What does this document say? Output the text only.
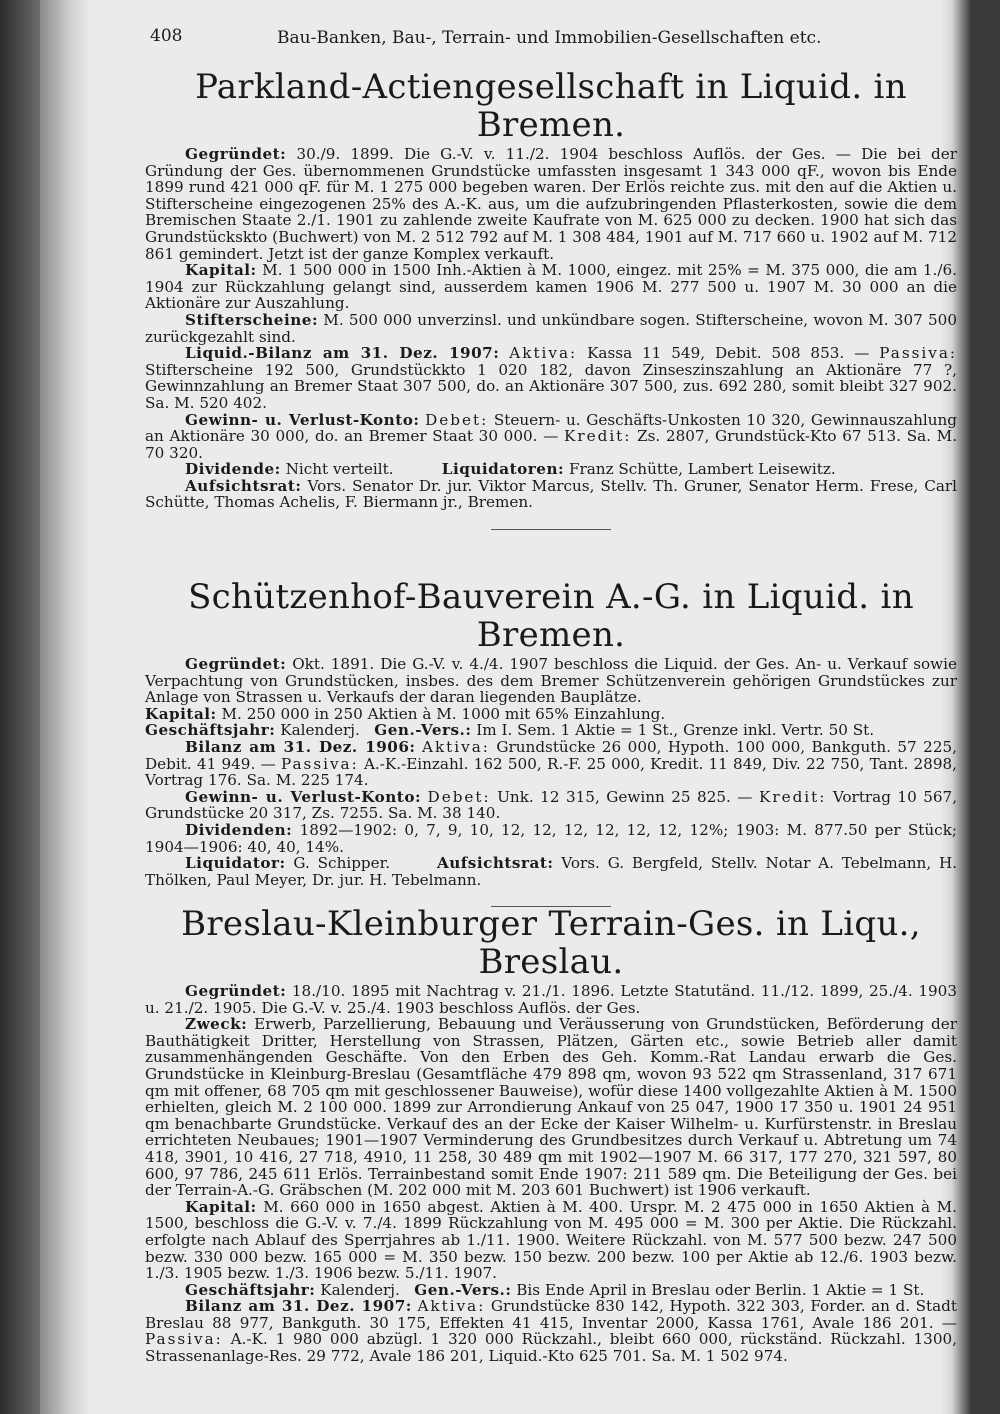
408	Bau-Banken, Bau-, Terrain- und Immobilien-Gesellschaften etc.
Parkland-Actiengesellschaft in Liquid. in Bremen.

Gegründet: 30./9. 1899. Die G.-V. v. 11./2. 1904 beschloss Auflös. der Ges. — Die bei der Gründung der Ges. übernommenen Grundstücke umfassten insgesamt 1 343 000 qF., wovon bis Ende 1899 rund 421 000 qF. für M. 1 275 000 begeben waren. Der Erlös reichte zus. mit den auf die Aktien u. Stifterscheine eingezogenen 25% des A.-K. aus, um die aufzubringenden Pflasterkosten, sowie die dem Bremischen Staate 2./1. 1901 zu zahlende zweite Kaufrate von M. 625 000 zu decken. 1900 hat sich das Grundstückskto (Buchwert) von M. 2 512 792 auf M. 1 308 484, 1901 auf M. 717 660 u. 1902 auf M. 712 861 gemindert. Jetzt ist der ganze Komplex verkauft.

Kapital: M. 1 500 000 in 1500 Inh.-Aktien à M. 1000, eingez. mit 25% = M. 375 000, die am 1./6. 1904 zur Rückzahlung gelangt sind, ausserdem kamen 1906 M. 277 500 u. 1907 M. 30 000 an die Aktionäre zur Auszahlung.

Stifterscheine: M. 500 000 unverzinsl. und unkündbare sogen. Stifterscheine, wovon M. 307 500 zurückgezahlt sind.

Liquid.-Bilanz am 31. Dez. 1907: Aktiva: Kassa 11 549, Debit. 508 853. — Passiva: Stifterscheine 192 500, Grundstückkto 1 020 182, davon Zinseszinszahlung an Aktionäre 77 ?, Gewinnzahlung an Bremer Staat 307 500, do. an Aktionäre 307 500, zus. 692 280, somit bleibt 327 902. Sa. M. 520 402.

Gewinn- u. Verlust-Konto: Debet: Steuern- u. Geschäfts-Unkosten 10 320, Gewinnauszahlung an Aktionäre 30 000, do. an Bremer Staat 30 000. — Kredit: Zs. 2807, Grundstück-Kto 67 513. Sa. M. 70 320.

Dividende: Nicht verteilt.	Liquidatoren: Franz Schütte, Lambert Leisewitz.

Aufsichtsrat: Vors. Senator Dr. jur. Viktor Marcus, Stellv. Th. Gruner, Senator Herm. Frese, Carl Schütte, Thomas Achelis, F. Biermann jr., Bremen.

Schützenhof-Bauverein A.-G. in Liquid. in Bremen.

Gegründet: Okt. 1891. Die G.-V. v. 4./4. 1907 beschloss die Liquid. der Ges. An- u. Verkauf sowie Verpachtung von Grundstücken, insbes. des dem Bremer Schützenverein gehörigen Grundstückes zur Anlage von Strassen u. Verkaufs der daran liegenden Bauplätze.

Kapital: M. 250 000 in 250 Aktien à M. 1000 mit 65% Einzahlung.

Geschäftsjahr: Kalenderj. Gen.-Vers.: Im I. Sem. 1 Aktie = 1 St., Grenze inkl. Vertr. 50 St.

Bilanz am 31. Dez. 1906: Aktiva: Grundstücke 26 000, Hypoth. 100 000, Bankguth. 57 225, Debit. 41 949. — Passiva: A.-K.-Einzahl. 162 500, R.-F. 25 000, Kredit. 11 849, Div. 22 750, Tant. 2898, Vortrag 176. Sa. M. 225 174.

Gewinn- u. Verlust-Konto: Debet: Unk. 12 315, Gewinn 25 825. — Kredit: Vortrag 10 567, Grundstücke 20 317, Zs. 7255. Sa. M. 38 140.

Dividenden: 1892—1902: 0, 7, 9, 10, 12, 12, 12, 12, 12, 12, 12%; 1903: M. 877.50 per Stück; 1904—1906: 40, 40, 14%.

Liquidator: G. Schipper.	Aufsichtsrat: Vors. G. Bergfeld, Stellv. Notar A. Tebelmann, H. Thölken, Paul Meyer, Dr. jur. H. Tebelmann.

Breslau-Kleinburger Terrain-Ges. in Liqu., Breslau.

Gegründet: 18./10. 1895 mit Nachtrag v. 21./1. 1896. Letzte Statutänd. 11./12. 1899, 25./4. 1903 u. 21./2. 1905. Die G.-V. v. 25./4. 1903 beschloss Auflös. der Ges.

Zweck: Erwerb, Parzellierung, Bebauung und Veräusserung von Grundstücken, Beförderung der Bauthätigkeit Dritter, Herstellung von Strassen, Plätzen, Gärten etc., sowie Betrieb aller damit zusammenhängenden Geschäfte. Von den Erben des Geh. Komm.-Rat Landau erwarb die Ges. Grundstücke in Kleinburg-Breslau (Gesamtfläche 479 898 qm, wovon 93 522 qm Strassenland, 317 671 qm mit offener, 68 705 qm mit geschlossener Bauweise), wofür diese 1400 vollgezahlte Aktien à M. 1500 erhielten, gleich M. 2 100 000. 1899 zur Arrondierung Ankauf von 25 047, 1900 17 350 u. 1901 24 951 qm benachbarte Grundstücke. Verkauf des an der Ecke der Kaiser Wilhelm- u. Kurfürstenstr. in Breslau errichteten Neubaues; 1901—1907 Verminderung des Grundbesitzes durch Verkauf u. Abtretung um 74 418, 3901, 10 416, 27 718, 4910, 11 258, 30 489 qm mit 1902—1907 M. 66 317, 177 270, 321 597, 80 600, 97 786, 245 611 Erlös. Terrainbestand somit Ende 1907: 211 589 qm. Die Beteiligung der Ges. bei der Terrain-A.-G. Gräbschen (M. 202 000 mit M. 203 601 Buchwert) ist 1906 verkauft.

Kapital: M. 660 000 in 1650 abgest. Aktien à M. 400. Urspr. M. 2 475 000 in 1650 Aktien à M. 1500, beschloss die G.-V. v. 7./4. 1899 Rückzahlung von M. 495 000 = M. 300 per Aktie. Die Rückzahl. erfolgte nach Ablauf des Sperrjahres ab 1./11. 1900. Weitere Rückzahl. von M. 577 500 bezw. 247 500 bezw. 330 000 bezw. 165 000 = M. 350 bezw. 150 bezw. 200 bezw. 100 per Aktie ab 12./6. 1903 bezw. 1./3. 1905 bezw. 1./3. 1906 bezw. 5./11. 1907.

Geschäftsjahr: Kalenderj. Gen.-Vers.: Bis Ende April in Breslau oder Berlin. 1 Aktie = 1 St.

Bilanz am 31. Dez. 1907: Aktiva: Grundstücke 830 142, Hypoth. 322 303, Forder. an d. Stadt Breslau 88 977, Bankguth. 30 175, Effekten 41 415, Inventar 2000, Kassa 1761, Avale 186 201. — Passiva: A.-K. 1 980 000 abzügl. 1 320 000 Rückzahl., bleibt 660 000, rückständ. Rückzahl. 1300, Strassenanlage-Res. 29 772, Avale 186 201, Liquid.-Kto 625 701. Sa. M. 1 502 974.
